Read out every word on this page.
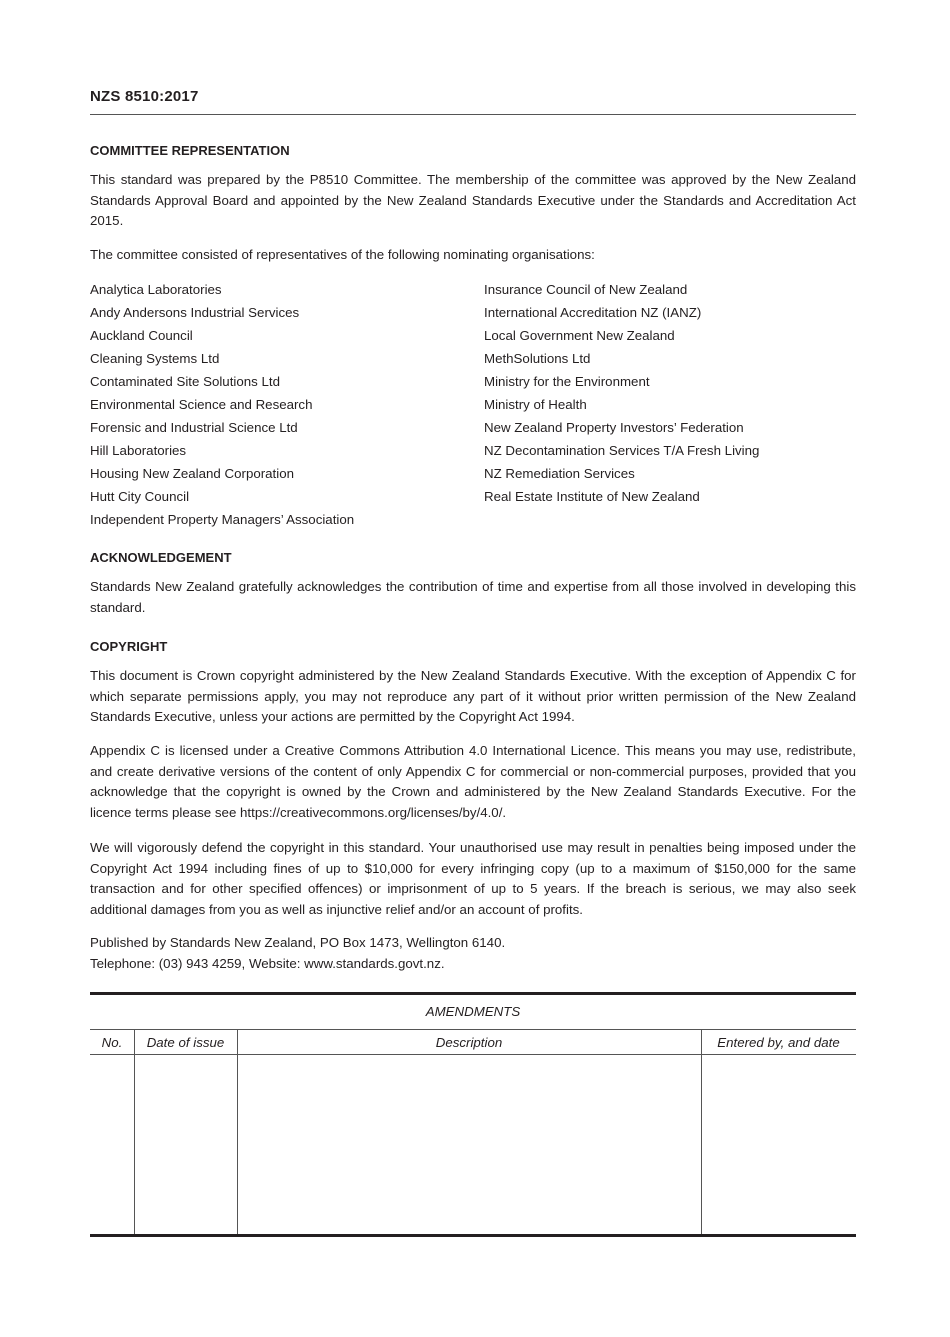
NZS 8510:2017
COMMITTEE REPRESENTATION

This standard was prepared by the P8510 Committee. The membership of the committee was approved by the New Zealand Standards Approval Board and appointed by the New Zealand Standards Executive under the Standards and Accreditation Act 2015.

The committee consisted of representatives of the following nominating organisations:

Analytica Laboratories
Andy Andersons Industrial Services
Auckland Council
Cleaning Systems Ltd
Contaminated Site Solutions Ltd
Environmental Science and Research
Forensic and Industrial Science Ltd
Hill Laboratories
Housing New Zealand Corporation
Hutt City Council
Independent Property Managers’ Association
Insurance Council of New Zealand
International Accreditation NZ (IANZ)
Local Government New Zealand
MethSolutions Ltd
Ministry for the Environment
Ministry of Health
New Zealand Property Investors’ Federation
NZ Decontamination Services T/A Fresh Living
NZ Remediation Services
Real Estate Institute of New Zealand
ACKNOWLEDGEMENT

Standards New Zealand gratefully acknowledges the contribution of time and expertise from all those involved in developing this standard.

COPYRIGHT

This document is Crown copyright administered by the New Zealand Standards Executive. With the exception of Appendix C for which separate permissions apply, you may not reproduce any part of it without prior written permission of the New Zealand Standards Executive, unless your actions are permitted by the Copyright Act 1994.

Appendix C is licensed under a Creative Commons Attribution 4.0 International Licence. This means you may use, redistribute, and create derivative versions of the content of only Appendix C for commercial or non-commercial purposes, provided that you acknowledge that the copyright is owned by the Crown and administered by the New Zealand Standards Executive. For the licence terms please see https://creativecommons.org/licenses/by/4.0/.

We will vigorously defend the copyright in this standard. Your unauthorised use may result in penalties being imposed under the Copyright Act 1994 including fines of up to $10,000 for every infringing copy (up to a maximum of $150,000 for the same transaction and for other specified offences) or imprisonment of up to 5 years. If the breach is serious, we may also seek additional damages from you as well as injunctive relief and/or an account of profits.

Published by Standards New Zealand, PO Box 1473, Wellington 6140.

Telephone: (03) 943 4259, Website: www.standards.govt.nz.

AMENDMENTS
No.	Date of issue	Description	Entered by, and date
